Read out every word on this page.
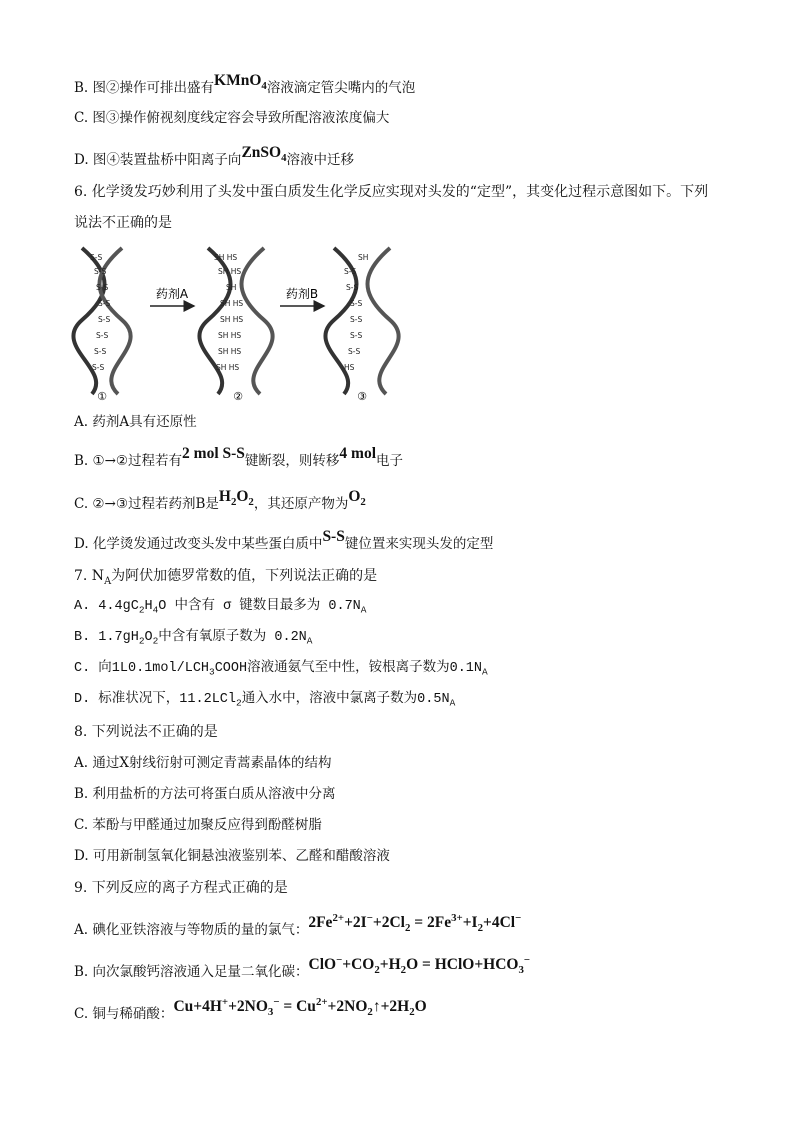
B. 图②操作可排出盛有KMnO$_4$溶液滴定管尖嘴内的气泡
C. 图③操作俯视刻度线定容会导致所配溶液浓度偏大
D. 图④装置盐桥中阳离子向ZnSO$_4$溶液中迁移
6. 化学烫发巧妙利用了头发中蛋白质发生化学反应实现对头发的“定型”，其变化过程示意图如下。下列
说法不正确的是
S-S
S-S
S-S
S-S
S-S
S-S
S-S
S-S
①
药剂A
SH HS
SH HS
SH
SH HS
SH HS
SH HS
SH HS
SH HS
②
药剂B
SH
S-S
S-S
S-S
S-S
S-S
S-S
HS
③
A. 药剂A具有还原性
B. ①→②过程若有2 mol S-S键断裂，则转移4 mol电子
C. ②→③过程若药剂B是$H_2O_2$，其还原产物为$O_2$
D. 化学烫发通过改变头发中某些蛋白质中S-S键位置来实现头发的定型
7. $N_A$为阿伏加德罗常数的值，下列说法正确的是
A. $4.4gC_2H_4O$ 中含有 σ 键数目最多为 $0.7N_A$
B. $1.7gH_2O_2$中含有氧原子数为 $0.2N_A$
C. 向$1L0.1mol/LCH_3COOH$溶液通氨气至中性，铵根离子数为$0.1N_A$
D. 标准状况下，11.2LCl$_2$通入水中，溶液中氯离子数为$0.5N_A$
8. 下列说法不正确的是
A. 通过X射线衍射可测定青蒿素晶体的结构
B. 利用盐析的方法可将蛋白质从溶液中分离
C. 苯酚与甲醛通过加聚反应得到酚醛树脂
D. 可用新制氢氧化铜悬浊液鉴别苯、乙醛和醋酸溶液
9. 下列反应的离子方程式正确的是
A. 碘化亚铁溶液与等物质的量的氯气：$2Fe^{2+}+2I^-+2Cl_2 = 2Fe^{3+}+I_2+4Cl^-$
B. 向次氯酸钙溶液通入足量二氧化碳：$ClO^-+CO_2+H_2O$ = $HClO+HCO_3^-$
C. 铜与稀硝酸：$Cu+4H^++2NO_3^-$ = $Cu^{2+}+2NO_2↑+2H_2O$
